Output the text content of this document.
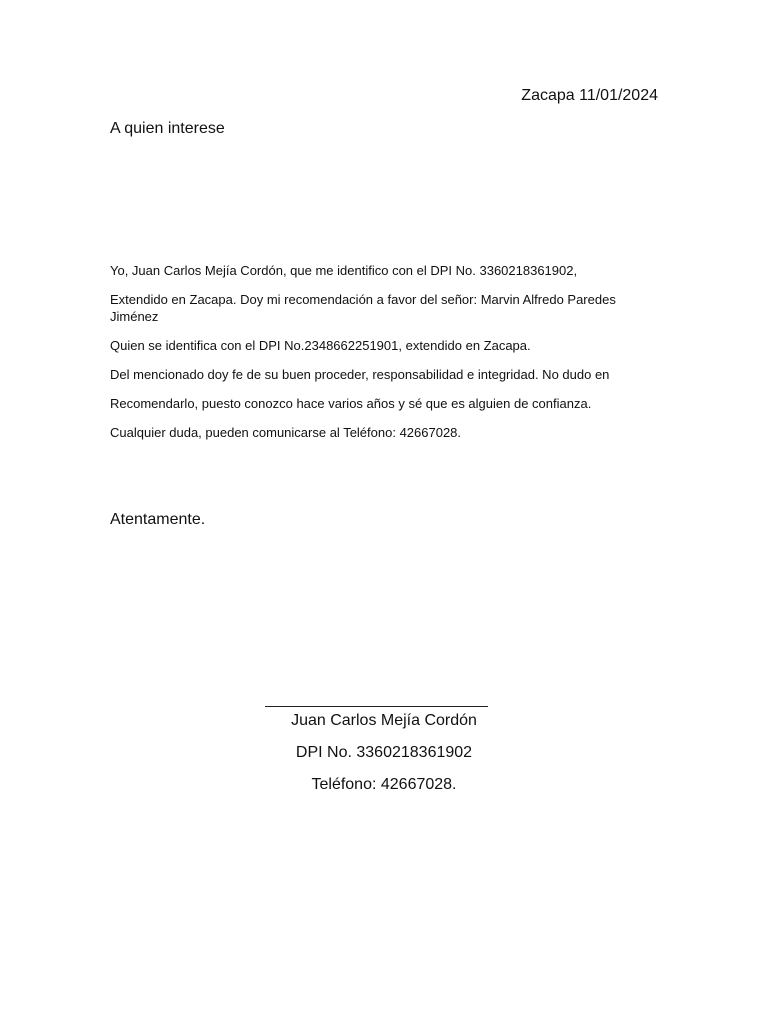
Zacapa 11/01/2024
A quien interese

Yo, Juan Carlos Mejía Cordón, que me identifico con el DPI No. 3360218361902,

Extendido en Zacapa. Doy mi recomendación a favor del señor: Marvin Alfredo Paredes Jiménez

Quien se identifica con el DPI No.2348662251901, extendido en Zacapa.

Del mencionado doy fe de su buen proceder, responsabilidad e integridad. No dudo en

Recomendarlo, puesto conozco hace varios años y sé que es alguien de confianza.

Cualquier duda, pueden comunicarse al Teléfono: 42667028.

Atentamente.
Juan Carlos Mejía Cordón
DPI No. 3360218361902
Teléfono: 42667028.
